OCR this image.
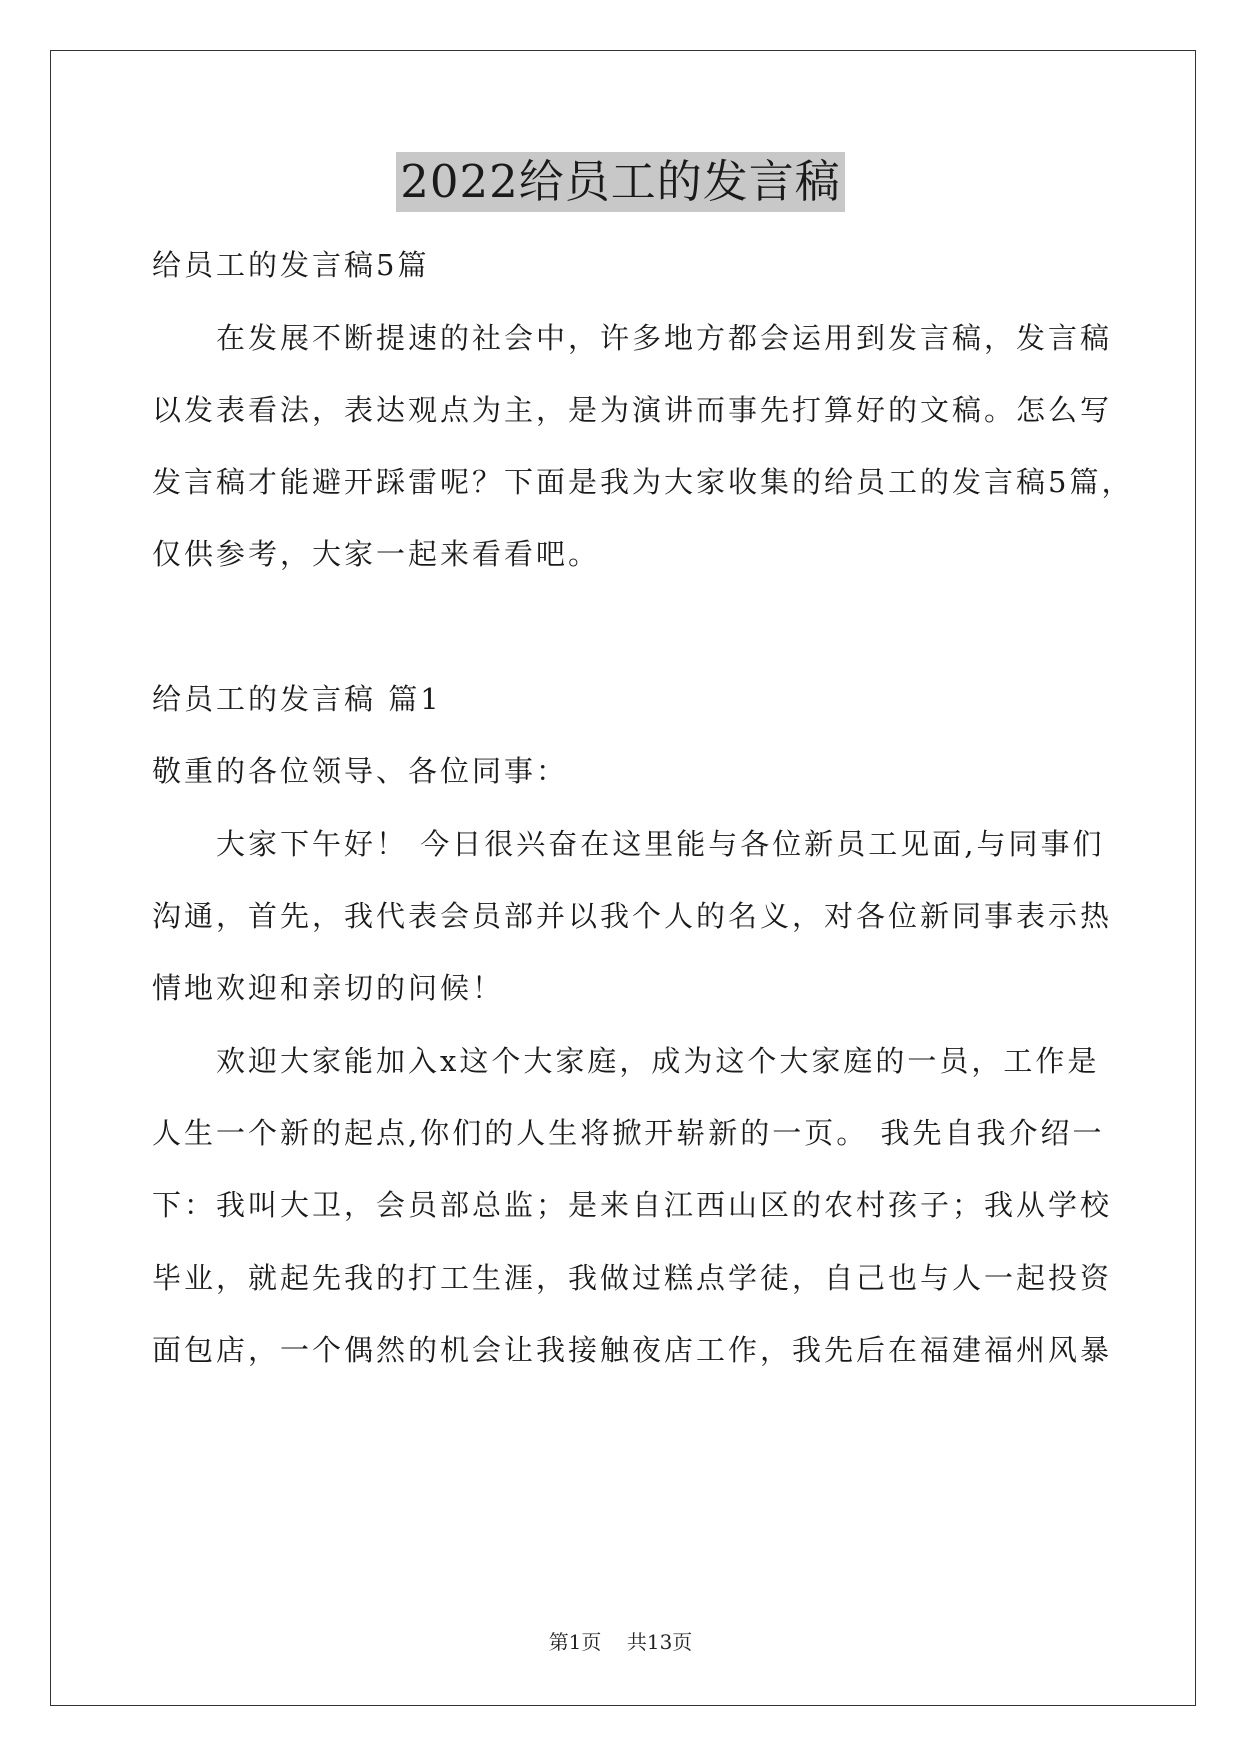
2022给员工的发言稿
给员工的发言稿5篇
　　在发展不断提速的社会中，许多地方都会运用到发言稿，发言稿
以发表看法，表达观点为主，是为演讲而事先打算好的文稿。怎么写
发言稿才能避开踩雷呢？下面是我为大家收集的给员工的发言稿5篇，
仅供参考，大家一起来看看吧。
给员工的发言稿 篇1
敬重的各位领导、各位同事：
　　大家下午好！ 今日很兴奋在这里能与各位新员工见面,与同事们
沟通，首先，我代表会员部并以我个人的名义，对各位新同事表示热
情地欢迎和亲切的问候！
　　欢迎大家能加入x这个大家庭，成为这个大家庭的一员，工作是
人生一个新的起点,你们的人生将掀开崭新的一页。 我先自我介绍一
下：我叫大卫，会员部总监；是来自江西山区的农村孩子；我从学校
毕业，就起先我的打工生涯，我做过糕点学徒，自己也与人一起投资
面包店，一个偶然的机会让我接触夜店工作，我先后在福建福州风暴
第1页 共13页
